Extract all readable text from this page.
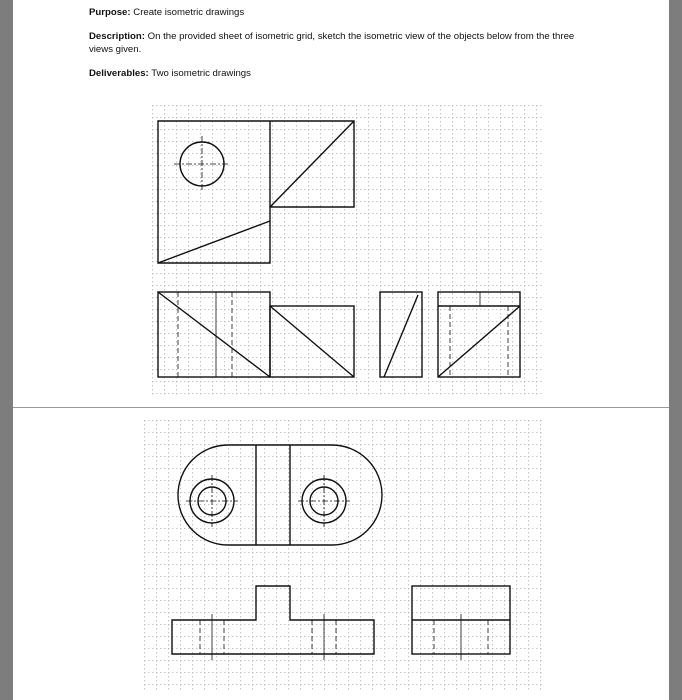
Purpose: Create isometric drawings
Description: On the provided sheet of isometric grid, sketch the isometric view of the objects below from the three views given.
Deliverables: Two isometric drawings
